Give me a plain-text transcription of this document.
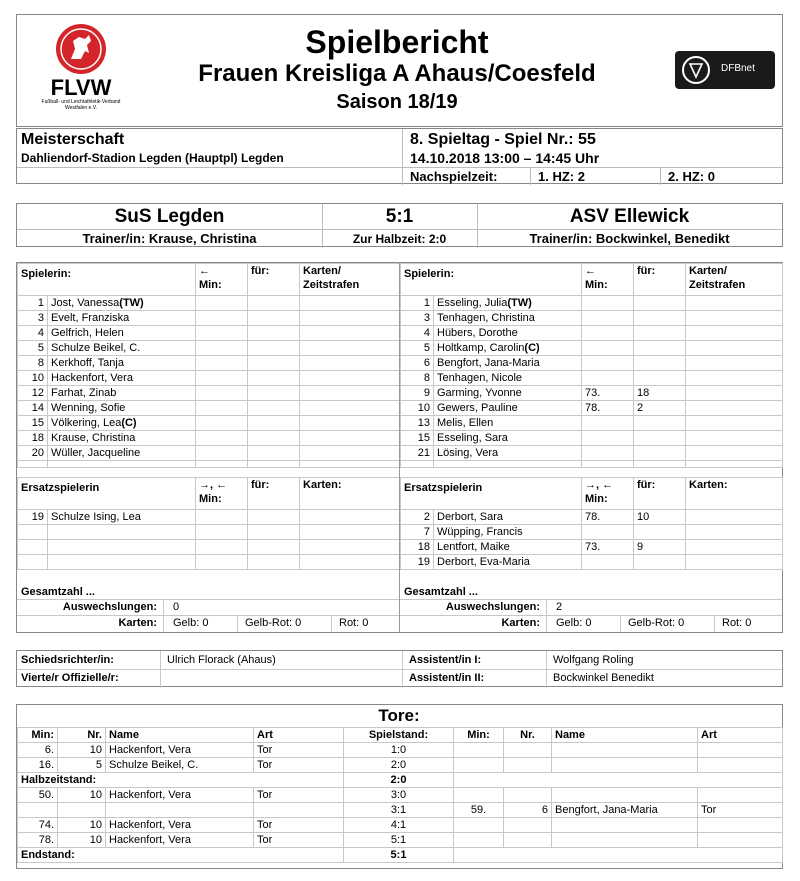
FLVW
Fußball- und Leichtathletik-Verband Westfalen e.V.
Spielbericht
Frauen Kreisliga A Ahaus/Coesfeld
Saison 18/19
DFBnet
Meisterschaft
Dahliendorf-Stadion Legden (Hauptpl) Legden
8. Spieltag - Spiel Nr.: 55
14.10.2018 13:00 – 14:45 Uhr
Nachspielzeit:	1. HZ: 2	2. HZ: 0
SuS Legden	5:1	ASV Ellewick
Trainer/in: Krause, Christina	Zur Halbzeit: 2:0	Trainer/in: Bockwinkel, Benedikt
Spielerin:		←
Min:	für:	Karten/
Zeitstrafen
1	Jost, Vanessa(TW)			
3	Evelt, Franziska			
4	Gelfrich, Helen			
5	Schulze Beikel, C.			
8	Kerkhoff, Tanja			
10	Hackenfort, Vera			
12	Farhat, Zinab			
14	Wenning, Sofie			
15	Völkering, Lea(C)			
18	Krause, Christina			
20	Wüller, Jacqueline			

Ersatzspielerin		→, ←
Min:	für:	Karten:
19	Schulze Ising, Lea			

Spielerin:		←
Min:	für:	Karten/
Zeitstrafen
1	Esseling, Julia(TW)			
3	Tenhagen, Christina			
4	Hübers, Dorothe			
5	Holtkamp, Carolin(C)			
6	Bengfort, Jana-Maria			
8	Tenhagen, Nicole			
9	Garming, Yvonne	73.	18	
10	Gewers, Pauline	78.	2	
13	Melis, Ellen			
15	Esseling, Sara			
21	Lösing, Vera			

Ersatzspielerin		→, ←
Min:	für:	Karten:
2	Derbort, Sara	78.	10	
7	Wüpping, Francis			
18	Lentfort, Maike	73.	9	
19	Derbort, Eva-Maria			
Gesamtzahl ...
Auswechslungen: 0
Karten: Gelb: 0	Gelb-Rot: 0	Rot: 0
Gesamtzahl ...
Auswechslungen: 2
Karten: Gelb: 0	Gelb-Rot: 0	Rot: 0
Schiedsrichter/in:	Ulrich Florack (Ahaus)
Vierte/r Offizielle/r:
Assistent/in I:	Wolfgang Roling
Assistent/in II:	Bockwinkel Benedikt
Tore:
Min:	Nr.	Name	Art	Spielstand:	Min:	Nr.	Name	Art
6.	10	Hackenfort, Vera	Tor	1:0				
16.	5	Schulze Beikel, C.	Tor	2:0				
Halbzeitstand:				2:0				
50.	10	Hackenfort, Vera	Tor	3:0				
				3:1	59.	6	Bengfort, Jana-Maria	Tor
74.	10	Hackenfort, Vera	Tor	4:1				
78.	10	Hackenfort, Vera	Tor	5:1				
Endstand:				5:1				
